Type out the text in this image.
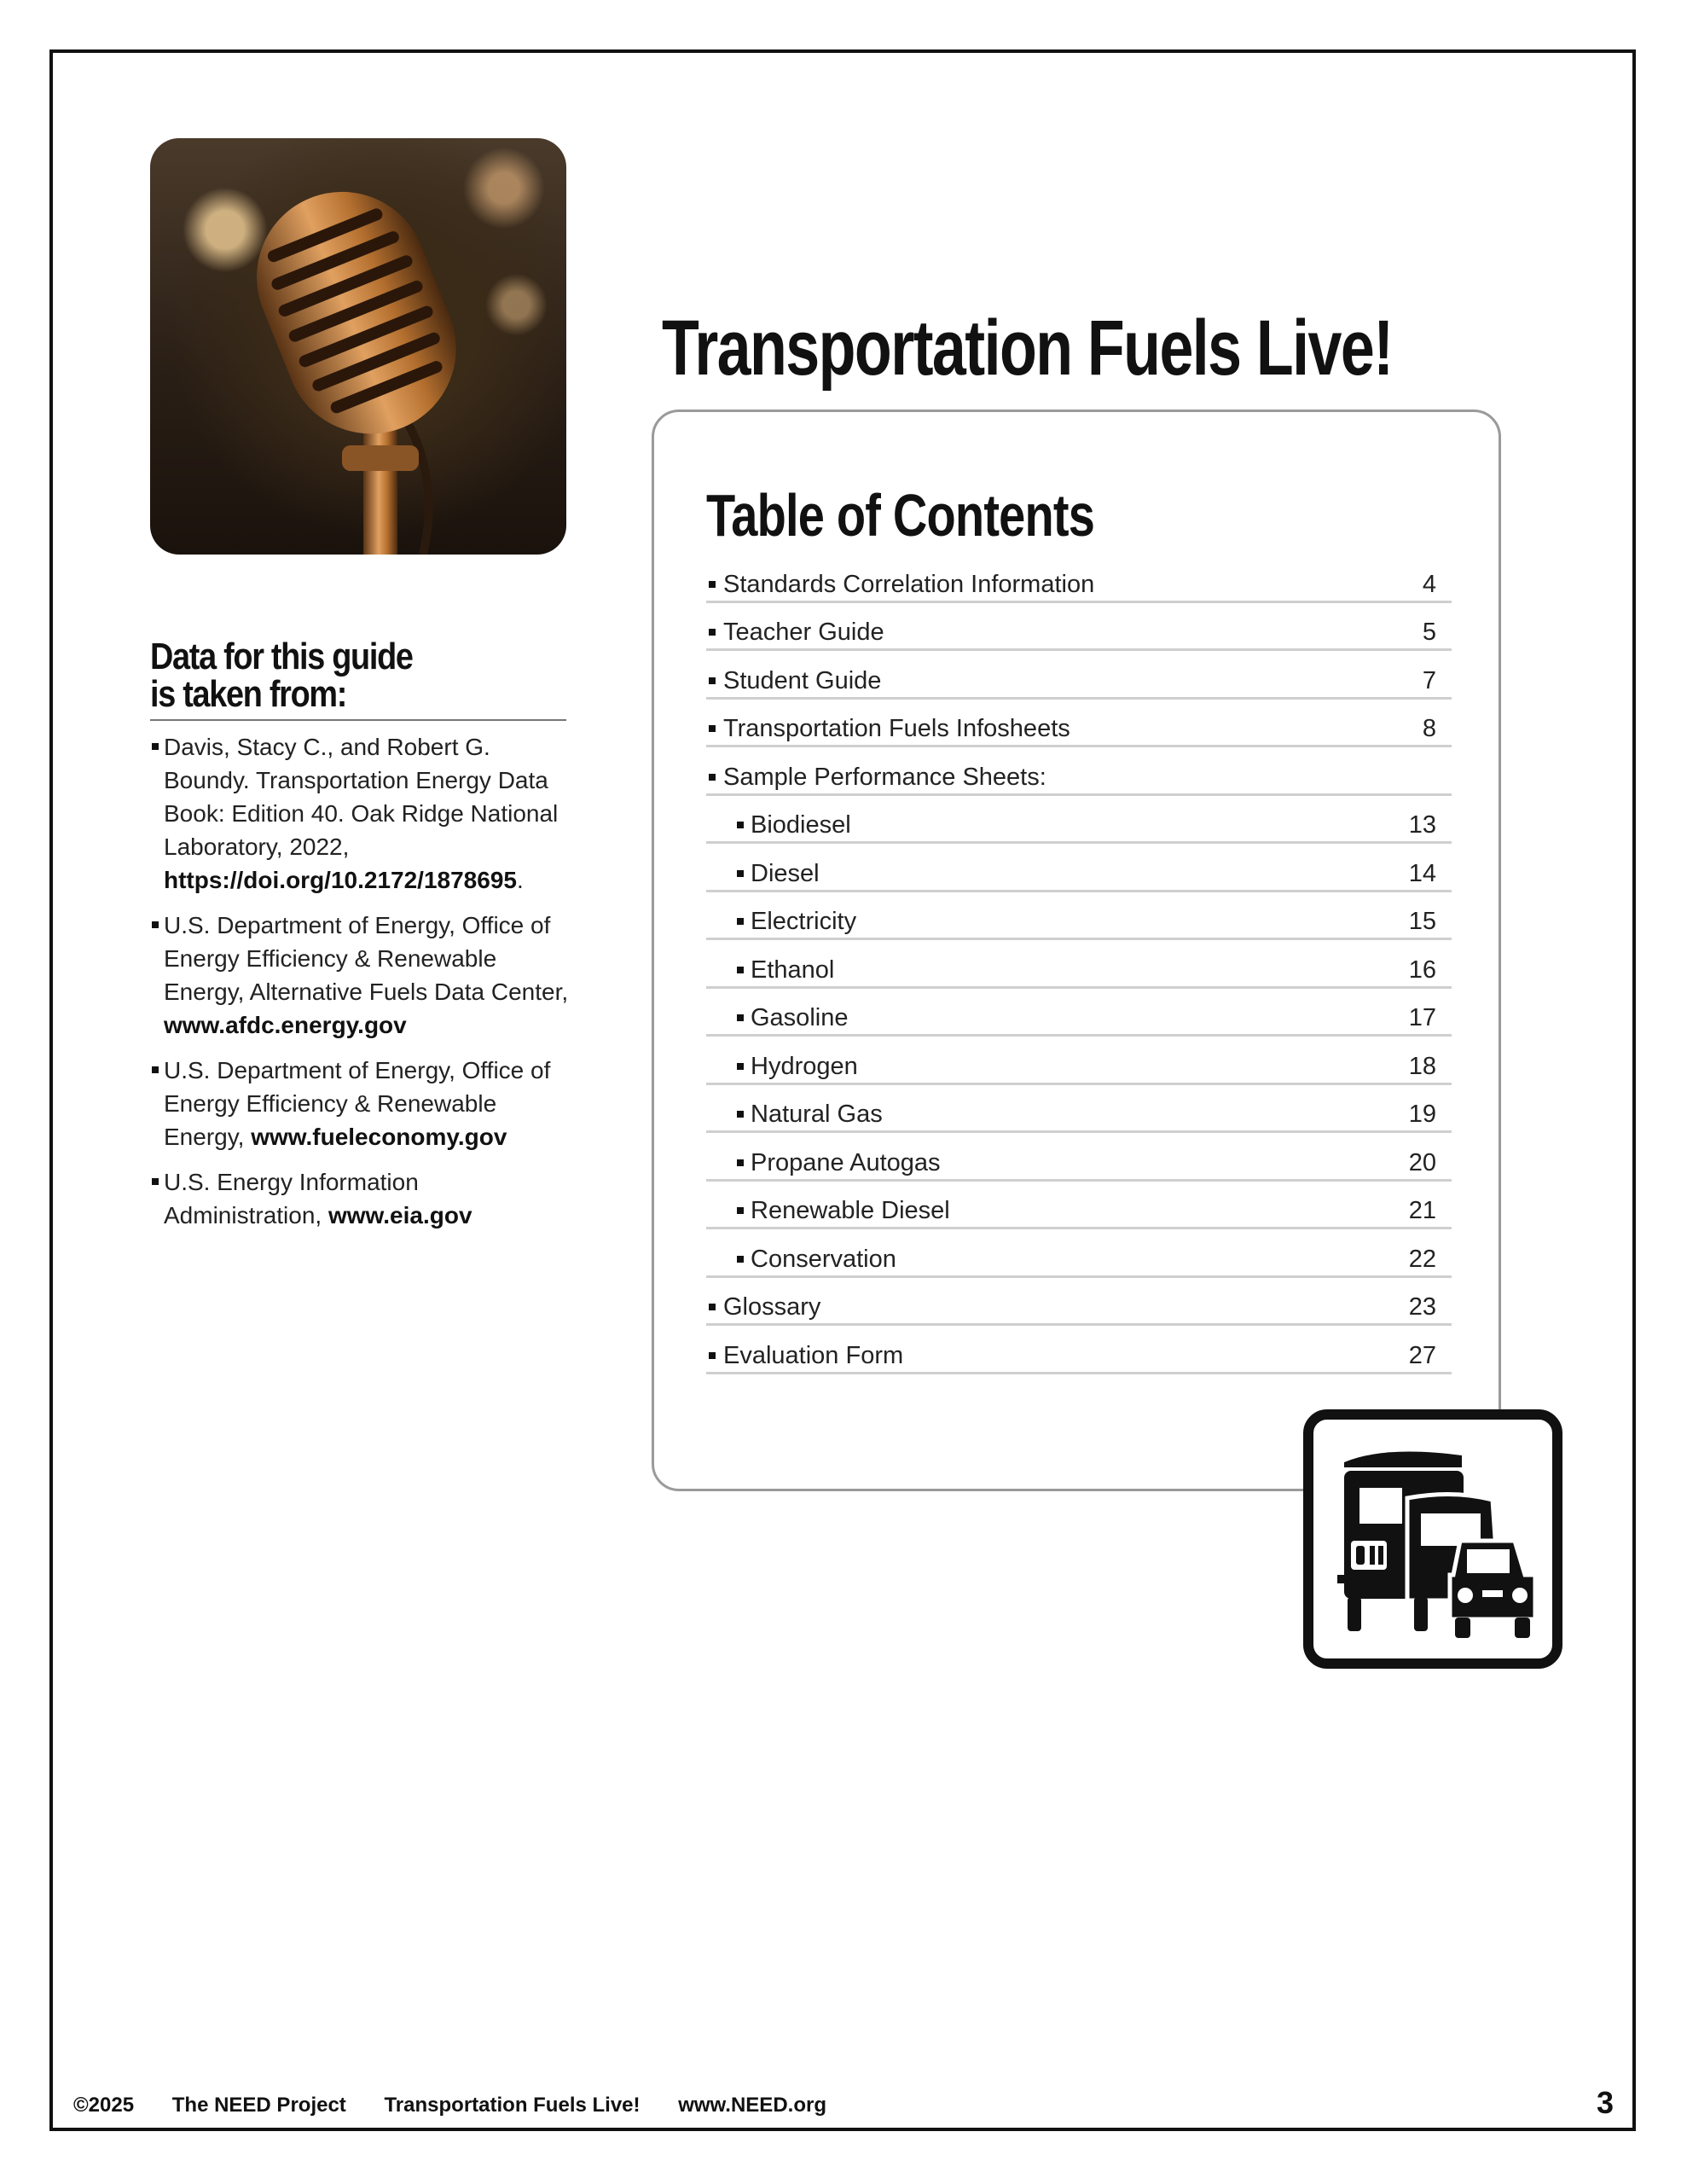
Data for this guide
is taken from:
Davis, Stacy C., and Robert G. Boundy. Transportation Energy Data Book: Edition 40. Oak Ridge National Laboratory, 2022, https://doi.org/10.2172/1878695.
U.S. Department of Energy, Office of Energy Efficiency & Renewable Energy, Alternative Fuels Data Center, www.afdc.energy.gov
U.S. Department of Energy, Office of Energy Efficiency & Renewable Energy, www.fueleconomy.gov
U.S. Energy Information Administration, www.eia.gov
Transportation Fuels Live!
Table of Contents
Standards Correlation Information	4
Teacher Guide	5
Student Guide	7
Transportation Fuels Infosheets	8
Sample Performance Sheets:
Biodiesel	13
Diesel	14
Electricity	15
Ethanol	16
Gasoline	17
Hydrogen	18
Natural Gas	19
Propane Autogas	20
Renewable Diesel	21
Conservation	22
Glossary	23
Evaluation Form	27
©2025 The NEED Project Transportation Fuels Live! www.NEED.org	3
